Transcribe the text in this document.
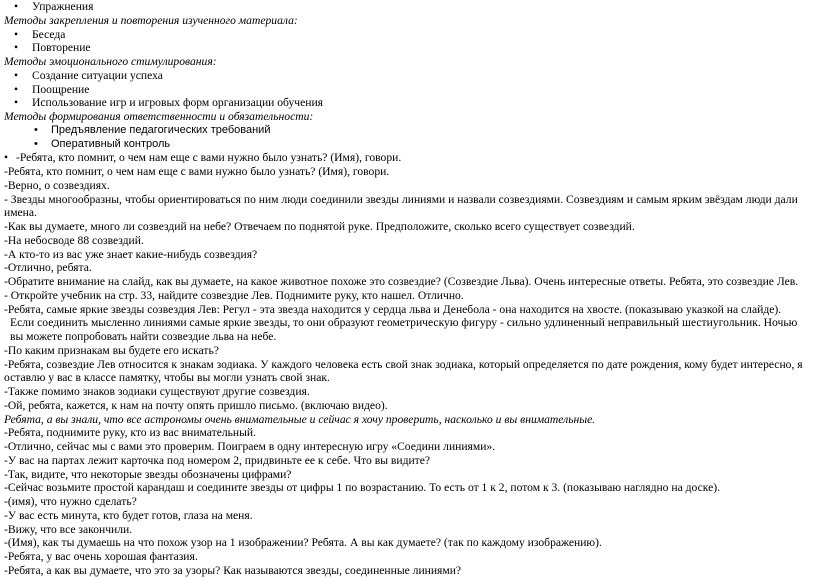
• Упражнения
Методы закрепления и повторения изученного материала:
• Беседа
• Повторение
Методы эмоционального стимулирования:
• Создание ситуации успеха
• Поощрение
• Использование игр и игровых форм организации обучения
Методы формирования ответственности и обязательности:
• Предъявление педагогических требований
• Оперативный контроль
• -Ребята, кто помнит, о чем нам еще с вами нужно было узнать? (Имя), говори.
-Ребята, кто помнит, о чем нам еще с вами нужно было узнать? (Имя), говори.
-Верно, о созвездиях.
- Звезды многообразны, чтобы ориентироваться по ним люди соединили звезды линиями и назвали созвездиями. Созвездиям и самым ярким звёздам люди дали имена.
-Как вы думаете, много ли созвездий на небе? Отвечаем по поднятой руке. Предположите, сколько всего существует созвездий.
-На небосводе 88 созвездий.
-А кто-то из вас уже знает какие-нибудь созвездия?
-Отлично, ребята.
-Обратите внимание на слайд, как вы думаете, на какое животное похоже это созвездие? (Созвездие Льва). Очень интересные ответы. Ребята, это созвездие Лев.
- Откройте учебник на стр. 33, найдите созвездие Лев. Поднимите руку, кто нашел. Отлично.
-Ребята, самые яркие звезды созвездия Лев: Регул - эта звезда находится у сердца льва и Денебола - она находится на хвосте. (показываю указкой на слайде).
Если соединить мысленно линиями самые яркие звезды, то они образуют геометрическую фигуру - сильно удлиненный неправильный шестиугольник. Ночью вы можете попробовать найти созвездие льва на небе.
-По каким признакам вы будете его искать?
-Ребята, созвездие Лев относится к знакам зодиака. У каждого человека есть свой знак зодиака, который определяется по дате рождения, кому будет интересно, я оставлю у вас в классе памятку, чтобы вы могли узнать свой знак.
-Также помимо знаков зодиаки существуют другие созвездия.
-Ой, ребята, кажется, к нам на почту опять пришло письмо. (включаю видео).
Ребята, а вы знали, что все астрономы очень внимательные и сейчас я хочу проверить, насколько и вы внимательные.
-Ребята, поднимите руку, кто из вас внимательный.
-Отлично, сейчас мы с вами это проверим. Поиграем в одну интересную игру «Соедини линиями».
-У вас на партах лежит карточка под номером 2, придвиньте ее к себе. Что вы видите?
-Так, видите, что некоторые звезды обозначены цифрами?
-Сейчас возьмите простой карандаш и соедините звезды от цифры 1 по возрастанию. То есть от 1 к 2, потом к 3. (показываю наглядно на доске).
-(имя), что нужно сделать?
-У вас есть минута, кто будет готов, глаза на меня.
-Вижу, что все закончили.
-(Имя), как ты думаешь на что похож узор на 1 изображении? Ребята. А вы как думаете? (так по каждому изображению).
-Ребята, у вас очень хорошая фантазия.
-Ребята, а как вы думаете, что это за узоры? Как называются звезды, соединенные линиями?
